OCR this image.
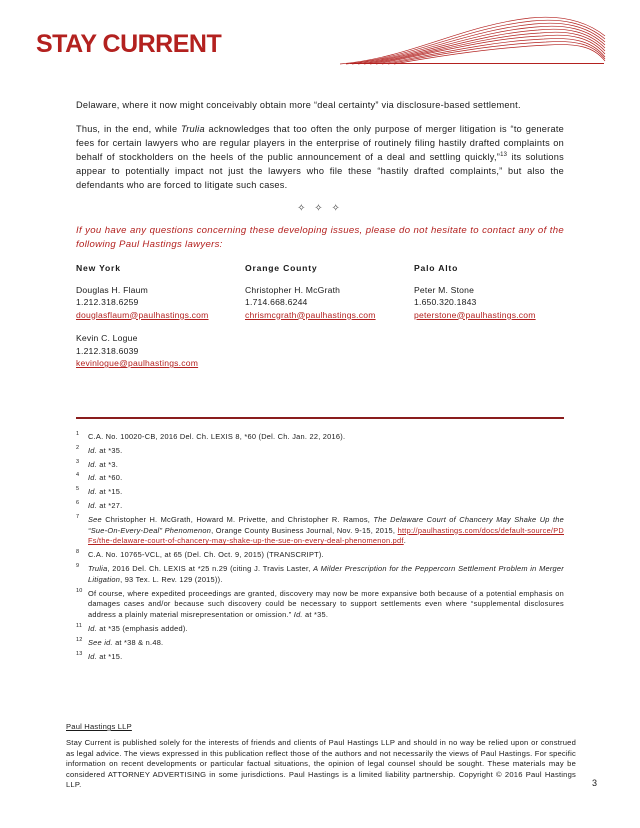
STAY CURRENT

Delaware, where it now might conceivably obtain more “deal certainty” via disclosure-based settlement.

Thus, in the end, while Trulia acknowledges that too often the only purpose of merger litigation is “to generate fees for certain lawyers who are regular players in the enterprise of routinely filing hastily drafted complaints on behalf of stockholders on the heels of the public announcement of a deal and settling quickly,”$^{13}$ its solutions appear to potentially impact not just the lawyers who file these “hastily drafted complaints,” but also the defendants who are forced to litigate such cases.

✧ ✧ ✧

If you have any questions concerning these developing issues, please do not hesitate to contact any of the following Paul Hastings lawyers:

New York
Douglas H. Flaum
1.212.318.6259
douglasflaum@paulhastings.com
Kevin C. Logue
1.212.318.6039
kevinlogue@paulhastings.com
Orange County
Christopher H. McGrath
1.714.668.6244
chrismcgrath@paulhastings.com
Palo Alto
Peter M. Stone
1.650.320.1843
peterstone@paulhastings.com
1 C.A. No. 10020-CB, 2016 Del. Ch. LEXIS 8, *60 (Del. Ch. Jan. 22, 2016).
2 Id. at *35.
3 Id. at *3.
4 Id. at *60.
5 Id. at *15.
6 Id. at *27.
7 See Christopher H. McGrath, Howard M. Privette, and Christopher R. Ramos, The Delaware Court of Chancery May Shake Up the “Sue-On-Every-Deal” Phenomenon, Orange County Business Journal, Nov. 9-15, 2015, http://paulhastings.com/docs/default-source/PDFs/the-delaware-court-of-chancery-may-shake-up-the-sue-on-every-deal-phenomenon.pdf.
8 C.A. No. 10765-VCL, at 65 (Del. Ch. Oct. 9, 2015) (TRANSCRIPT).
9 Trulia, 2016 Del. Ch. LEXIS at *25 n.29 (citing J. Travis Laster, A Milder Prescription for the Peppercorn Settlement Problem in Merger Litigation, 93 Tex. L. Rev. 129 (2015)).
10 Of course, where expedited proceedings are granted, discovery may now be more expansive both because of a potential emphasis on damages cases and/or because such discovery could be necessary to support settlements even where “supplemental disclosures address a plainly material misrepresentation or omission.” Id. at *35.
11 Id. at *35 (emphasis added).
12 See id. at *38 & n.48.
13 Id. at *15.
Paul Hastings LLP
Stay Current is published solely for the interests of friends and clients of Paul Hastings LLP and should in no way be relied upon or construed as legal advice. The views expressed in this publication reflect those of the authors and not necessarily the views of Paul Hastings. For specific information on recent developments or particular factual situations, the opinion of legal counsel should be sought. These materials may be considered ATTORNEY ADVERTISING in some jurisdictions. Paul Hastings is a limited liability partnership. Copyright © 2016 Paul Hastings LLP.	3
